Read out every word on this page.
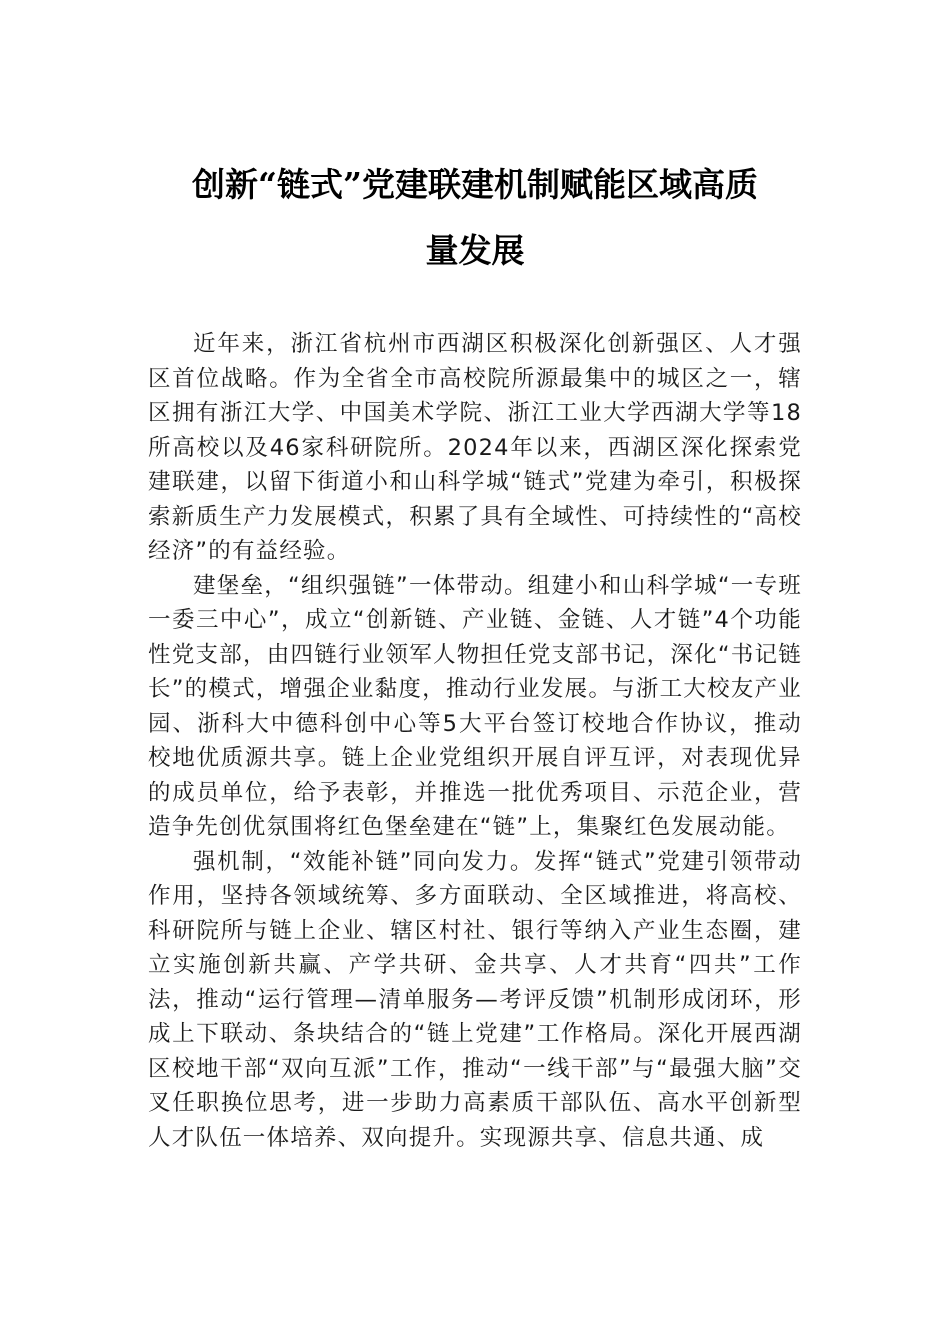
创新“链式”党建联建机制赋能区域高质
量发展

近年来，浙江省杭州市西湖区积极深化创新强区、人才强区首位战略。作为全省全市高校院所源最集中的城区之一，辖区拥有浙江大学、中国美术学院、浙江工业大学西湖大学等18所高校以及46家科研院所。2024年以来，西湖区深化探索党建联建，以留下街道小和山科学城“链式”党建为牵引，积极探索新质生产力发展模式，积累了具有全域性、可持续性的“高校经济”的有益经验。

建堡垒，“组织强链”一体带动。组建小和山科学城“一专班一委三中心”，成立“创新链、产业链、金链、人才链”4个功能性党支部，由四链行业领军人物担任党支部书记，深化“书记链长”的模式，增强企业黏度，推动行业发展。与浙工大校友产业园、浙科大中德科创中心等5大平台签订校地合作协议，推动校地优质源共享。链上企业党组织开展自评互评，对表现优异的成员单位，给予表彰，并推选一批优秀项目、示范企业，营造争先创优氛围将红色堡垒建在“链”上，集聚红色发展动能。

强机制，“效能补链”同向发力。发挥“链式”党建引领带动作用，坚持各领域统筹、多方面联动、全区域推进，将高校、科研院所与链上企业、辖区村社、银行等纳入产业生态圈，建立实施创新共赢、产学共研、金共享、人才共育“四共”工作法，推动“运行管理—清单服务—考评反馈”机制形成闭环，形成上下联动、条块结合的“链上党建”工作格局。深化开展西湖区校地干部“双向互派”工作，推动“一线干部”与“最强大脑”交叉任职换位思考，进一步助力高素质干部队伍、高水平创新型人才队伍一体培养、双向提升。实现源共享、信息共通、成
